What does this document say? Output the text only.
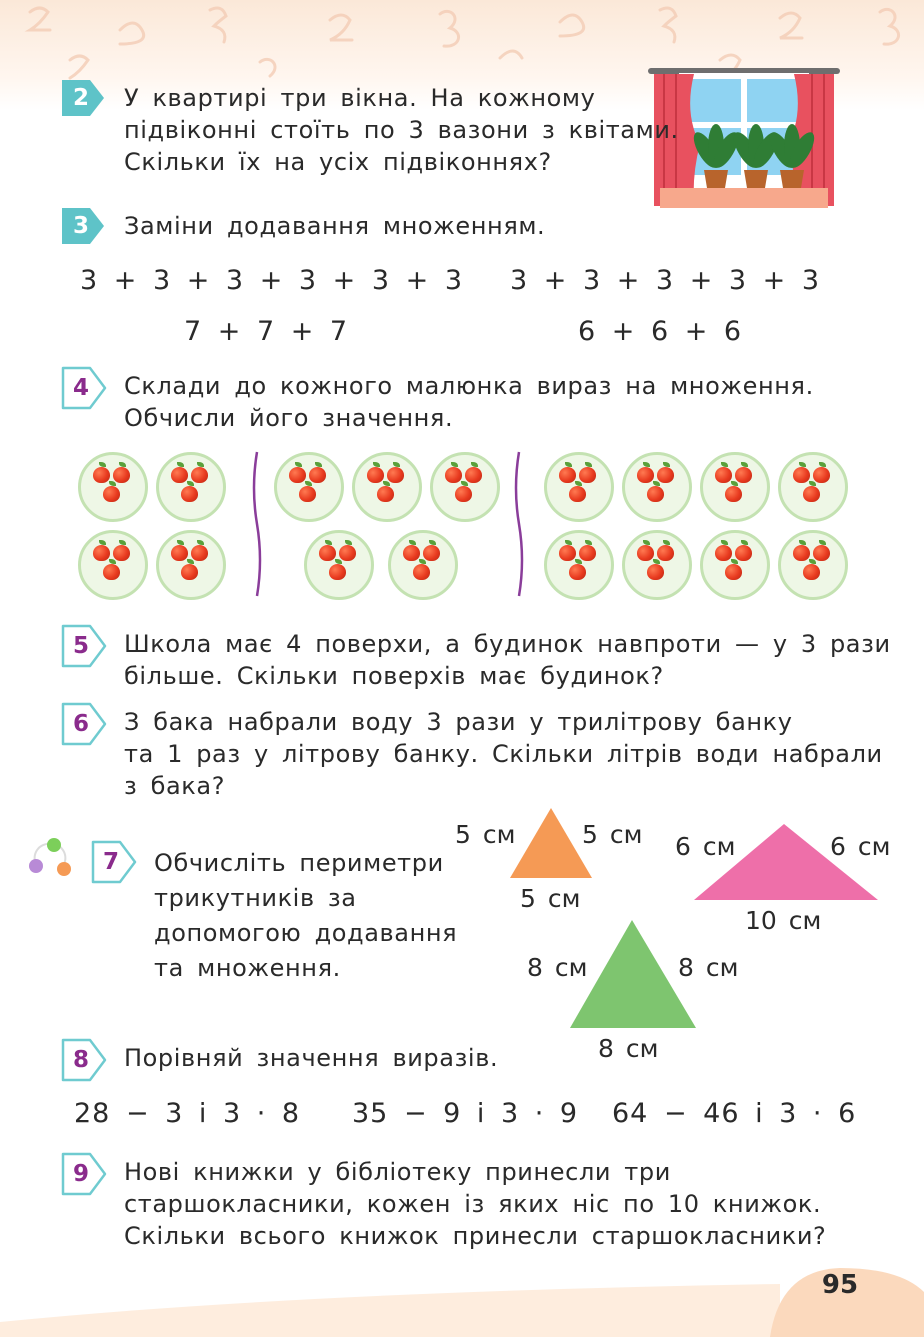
2	У квартирі три вікна. На кожному
підвіконні стоїть по 3 вазони з квітами.
Скільки їх на усіх підвіконнях?
3	Заміни додавання множенням.
3 + 3 + 3 + 3 + 3 + 3 3 + 3 + 3 + 3 + 3
7 + 7 + 7	6 + 6 + 6
4	Склади до кожного малюнка вираз на множення.
Обчисли його значення.
5	Школа має 4 поверхи, а будинок навпроти — у 3 рази
більше. Скільки поверхів має будинок?
6	З бака набрали воду 3 рази у трилітрову банку
та 1 раз у літрову банку. Скільки літрів води набрали
з бака?
7	Обчисліть периметри
трикутників за
допомогою додавання
та множення.
5 см	5 см
5 см
6 см	6 см
10 см
8 см	8 см
8 см
8	Порівняй значення виразів.
28 − 3 і 3 · 8 35 − 9 і 3 · 9 64 − 46 і 3 · 6
9	Нові книжки у бібліотеку принесли три
старшокласники, кожен із яких ніс по 10 книжок.
Скільки всього книжок принесли старшокласники?
95
